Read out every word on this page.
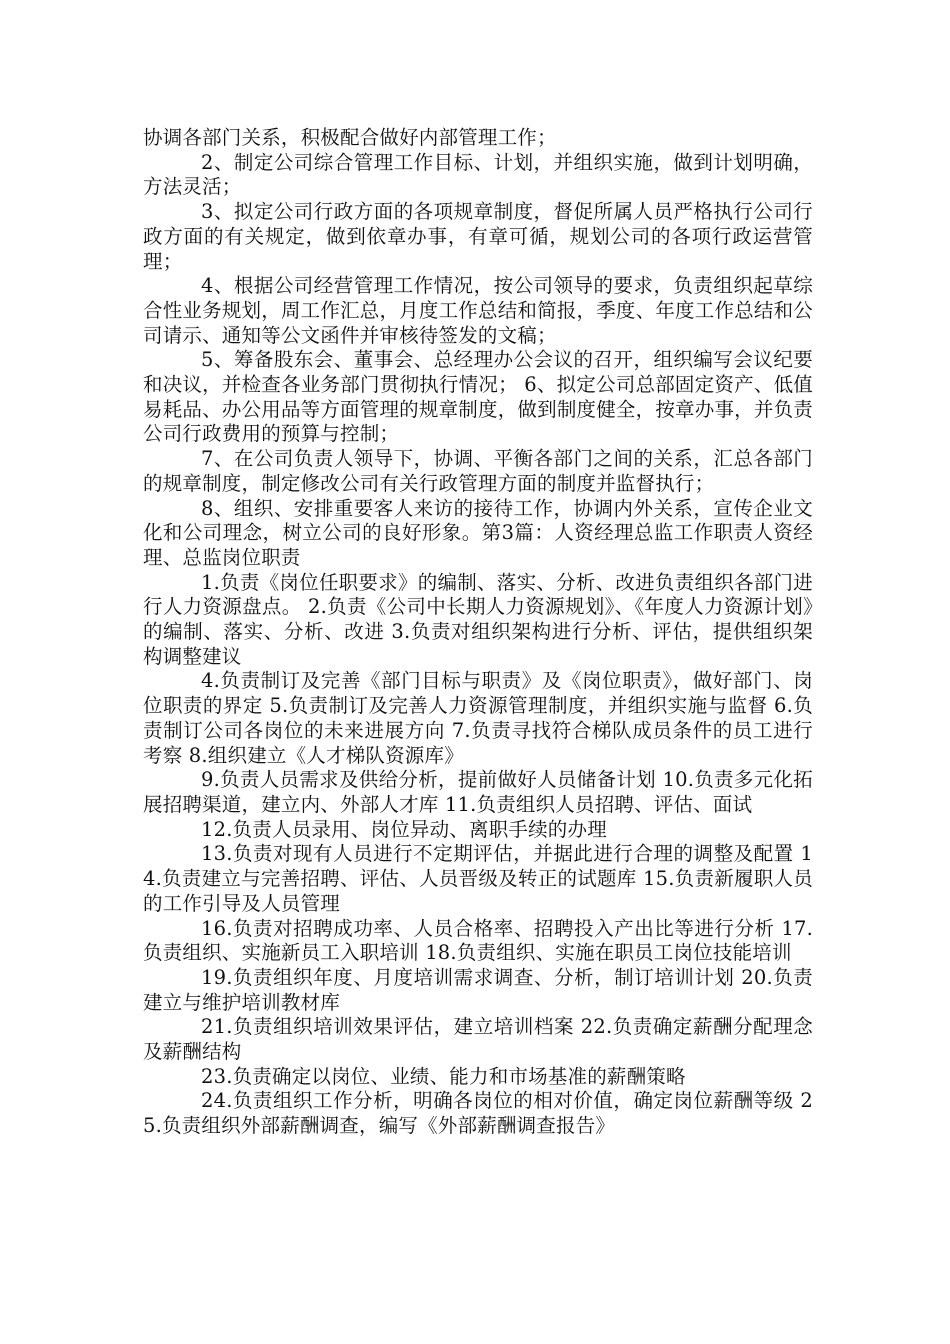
协调各部门关系，积极配合做好内部管理工作；

2、制定公司综合管理工作目标、计划，并组织实施，做到计划明确，方法灵活；

3、拟定公司行政方面的各项规章制度，督促所属人员严格执行公司行政方面的有关规定，做到依章办事，有章可循，规划公司的各项行政运营管理；

4、根据公司经营管理工作情况，按公司领导的要求，负责组织起草综合性业务规划，周工作汇总，月度工作总结和简报，季度、年度工作总结和公司请示、通知等公文函件并审核待签发的文稿；

5、筹备股东会、董事会、总经理办公会议的召开，组织编写会议纪要和决议，并检查各业务部门贯彻执行情况； 6、拟定公司总部固定资产、低值易耗品、办公用品等方面管理的规章制度，做到制度健全，按章办事，并负责公司行政费用的预算与控制；

7、在公司负责人领导下，协调、平衡各部门之间的关系，汇总各部门的规章制度，制定修改公司有关行政管理方面的制度并监督执行；

8、组织、安排重要客人来访的接待工作，协调内外关系，宣传企业文化和公司理念，树立公司的良好形象。第3篇：人资经理总监工作职责人资经理、总监岗位职责

1.负责《岗位任职要求》的编制、落实、分析、改进负责组织各部门进行人力资源盘点。 2.负责《公司中长期人力资源规划》、《年度人力资源计划》的编制、落实、分析、改进 3.负责对组织架构进行分析、评估，提供组织架构调整建议

4.负责制订及完善《部门目标与职责》及《岗位职责》，做好部门、岗位职责的界定 5.负责制订及完善人力资源管理制度，并组织实施与监督 6.负责制订公司各岗位的未来进展方向 7.负责寻找符合梯队成员条件的员工进行考察 8.组织建立《人才梯队资源库》

9.负责人员需求及供给分析，提前做好人员储备计划 10.负责多元化拓展招聘渠道，建立内、外部人才库 11.负责组织人员招聘、评估、面试

12.负责人员录用、岗位异动、离职手续的办理

13.负责对现有人员进行不定期评估，并据此进行合理的调整及配置 14.负责建立与完善招聘、评估、人员晋级及转正的试题库 15.负责新履职人员的工作引导及人员管理

16.负责对招聘成功率、人员合格率、招聘投入产出比等进行分析 17.负责组织、实施新员工入职培训 18.负责组织、实施在职员工岗位技能培训

19.负责组织年度、月度培训需求调查、分析，制订培训计划 20.负责建立与维护培训教材库

21.负责组织培训效果评估，建立培训档案 22.负责确定薪酬分配理念及薪酬结构

23.负责确定以岗位、业绩、能力和市场基准的薪酬策略

24.负责组织工作分析，明确各岗位的相对价值，确定岗位薪酬等级 25.负责组织外部薪酬调查，编写《外部薪酬调查报告》
